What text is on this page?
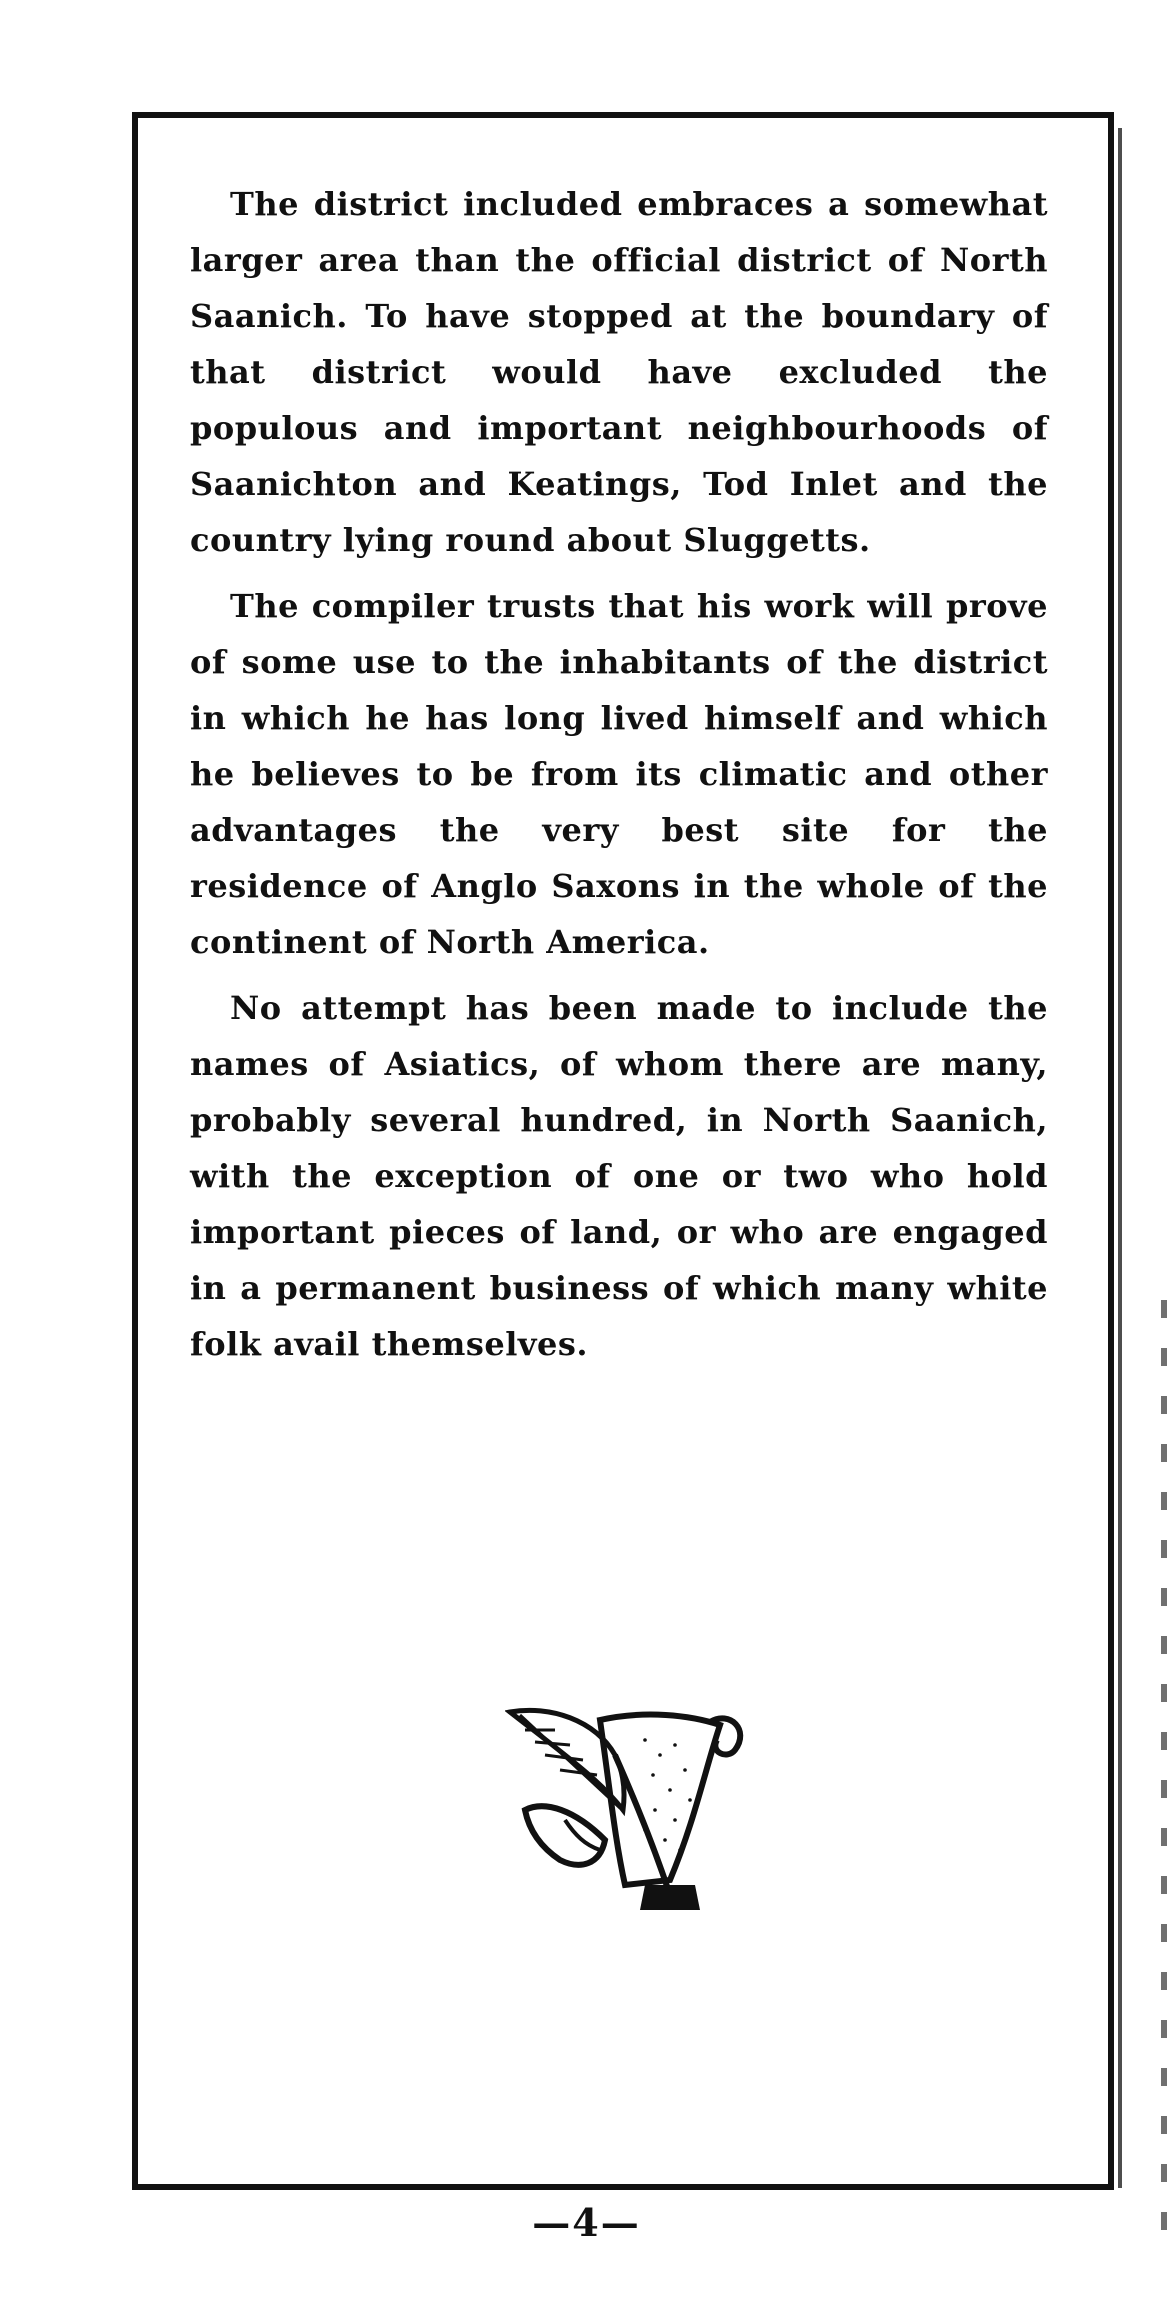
The district included embraces a somewhat larger area than the official district of North Saanich. To have stopped at the boundary of that district would have excluded the populous and important neighbourhoods of Saanichton and Keatings, Tod Inlet and the country lying round about Sluggetts.

The compiler trusts that his work will prove of some use to the inhabitants of the district in which he has long lived himself and which he believes to be from its climatic and other advantages the very best site for the residence of Anglo Saxons in the whole of the continent of North America.

No attempt has been made to include the names of Asiatics, of whom there are many, probably several hundred, in North Saanich, with the exception of one or two who hold important pieces of land, or who are engaged in a permanent business of which many white folk avail themselves.

—4—
